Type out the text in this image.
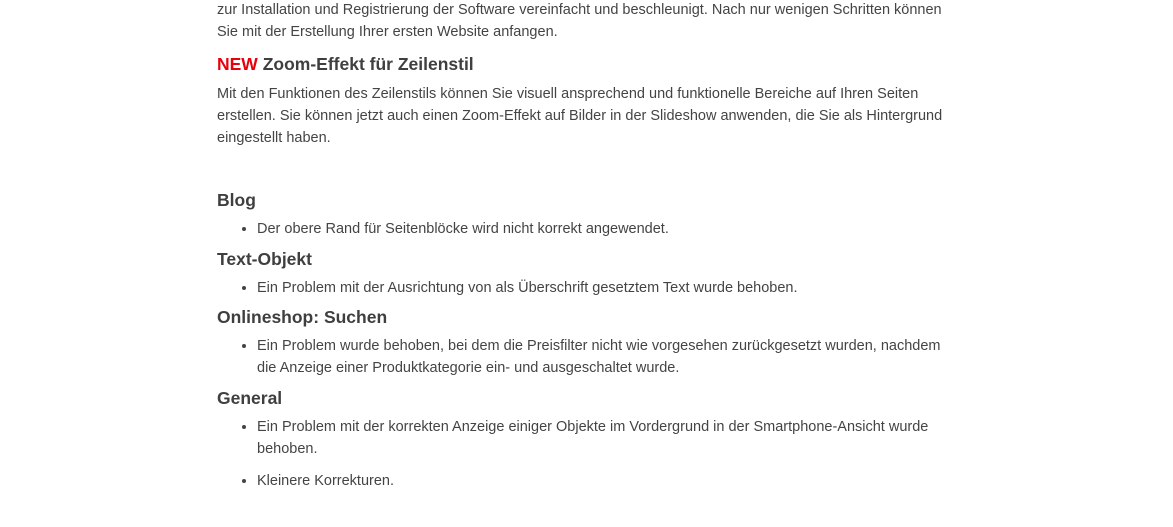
zur Installation und Registrierung der Software vereinfacht und beschleunigt. Nach nur wenigen Schritten können Sie mit der Erstellung Ihrer ersten Website anfangen.

NEW Zoom-Effekt für Zeilenstil

Mit den Funktionen des Zeilenstils können Sie visuell ansprechend und funktionelle Bereiche auf Ihren Seiten erstellen. Sie können jetzt auch einen Zoom-Effekt auf Bilder in der Slideshow anwenden, die Sie als Hintergrund eingestellt haben.

Blog
• Der obere Rand für Seitenblöcke wird nicht korrekt angewendet.
Text-Objekt
• Ein Problem mit der Ausrichtung von als Überschrift gesetztem Text wurde behoben.
Onlineshop: Suchen
• Ein Problem wurde behoben, bei dem die Preisfilter nicht wie vorgesehen zurückgesetzt wurden, nachdem die Anzeige einer Produktkategorie ein- und ausgeschaltet wurde.
General
• Ein Problem mit der korrekten Anzeige einiger Objekte im Vordergrund in der Smartphone-Ansicht wurde behoben.
• Kleinere Korrekturen.
